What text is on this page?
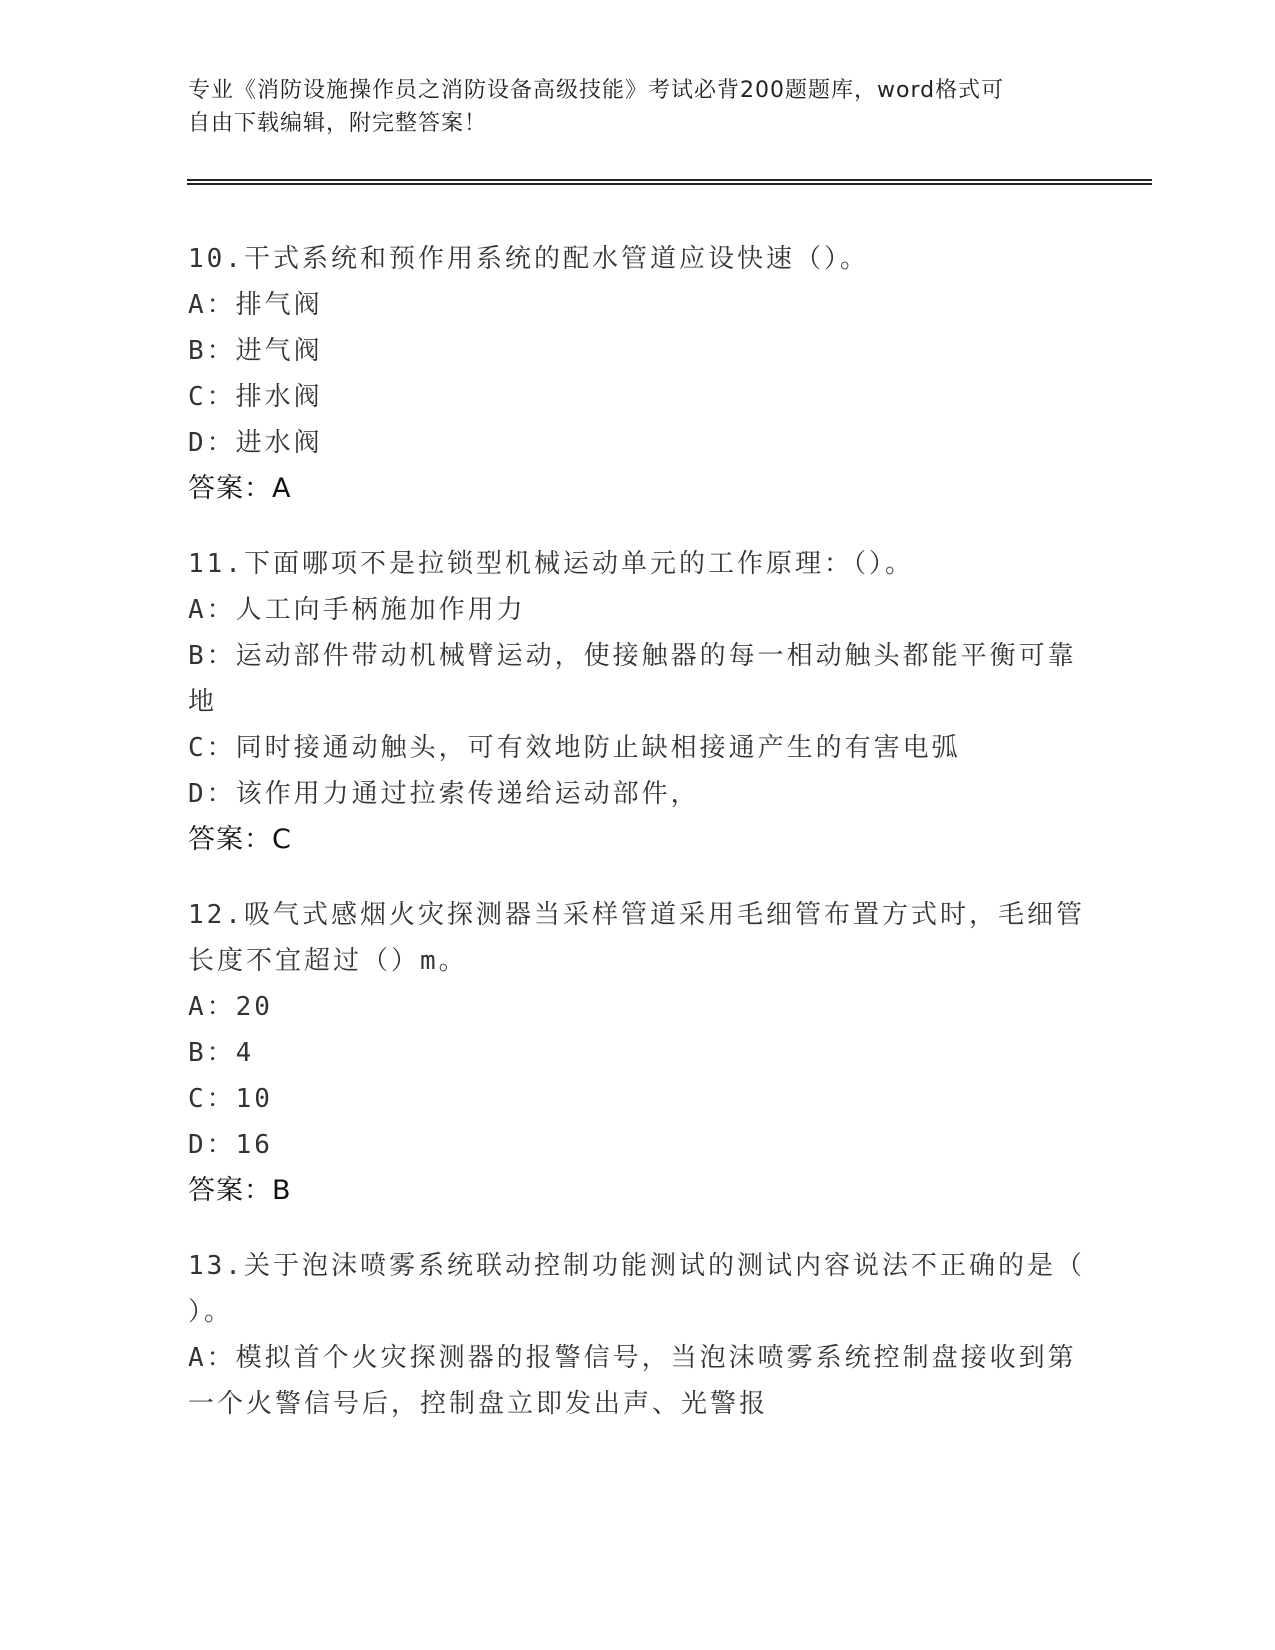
专业《消防设施操作员之消防设备高级技能》考试必背200题题库，word格式可
自由下载编辑，附完整答案！
10.干式系统和预作用系统的配水管道应设快速（）。
A：排气阀
B：进气阀
C：排水阀
D：进水阀
答案：A
11.下面哪项不是拉锁型机械运动单元的工作原理：（）。
A：人工向手柄施加作用力
B：运动部件带动机械臂运动，使接触器的每一相动触头都能平衡可靠
地
C：同时接通动触头，可有效地防止缺相接通产生的有害电弧
D：该作用力通过拉索传递给运动部件，
答案：C
12.吸气式感烟火灾探测器当采样管道采用毛细管布置方式时，毛细管
长度不宜超过（）m。
A：20
B：4
C：10
D：16
答案：B
13.关于泡沫喷雾系统联动控制功能测试的测试内容说法不正确的是（
）。
A：模拟首个火灾探测器的报警信号，当泡沫喷雾系统控制盘接收到第
一个火警信号后，控制盘立即发出声、光警报
